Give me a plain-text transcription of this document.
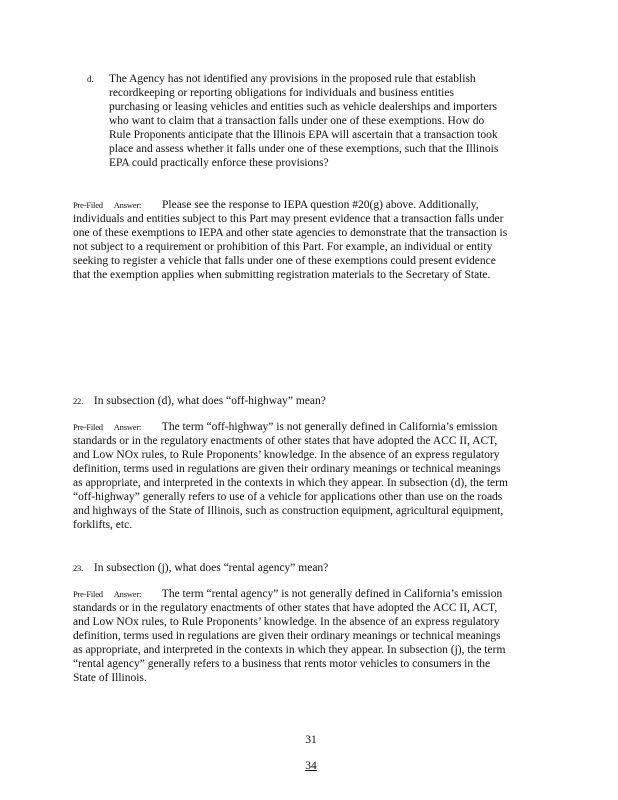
d. The Agency has not identified any provisions in the proposed rule that establish recordkeeping or reporting obligations for individuals and business entities purchasing or leasing vehicles and entities such as vehicle dealerships and importers who want to claim that a transaction falls under one of these exemptions. How do Rule Proponents anticipate that the Illinois EPA will ascertain that a transaction took place and assess whether it falls under one of these exemptions, such that the Illinois EPA could practically enforce these provisions?
Pre-Filed Answer: Please see the response to IEPA question #20(g) above. Additionally, individuals and entities subject to this Part may present evidence that a transaction falls under one of these exemptions to IEPA and other state agencies to demonstrate that the transaction is not subject to a requirement or prohibition of this Part. For example, an individual or entity seeking to register a vehicle that falls under one of these exemptions could present evidence that the exemption applies when submitting registration materials to the Secretary of State.
22. In subsection (d), what does “off-highway” mean?
Pre-Filed Answer: The term “off-highway” is not generally defined in California’s emission standards or in the regulatory enactments of other states that have adopted the ACC II, ACT, and Low NOx rules, to Rule Proponents’ knowledge. In the absence of an express regulatory definition, terms used in regulations are given their ordinary meanings or technical meanings as appropriate, and interpreted in the contexts in which they appear. In subsection (d), the term “off-highway” generally refers to use of a vehicle for applications other than use on the roads and highways of the State of Illinois, such as construction equipment, agricultural equipment, forklifts, etc.
23. In subsection (j), what does “rental agency” mean?
Pre-Filed Answer: The term “rental agency” is not generally defined in California’s emission standards or in the regulatory enactments of other states that have adopted the ACC II, ACT, and Low NOx rules, to Rule Proponents’ knowledge. In the absence of an express regulatory definition, terms used in regulations are given their ordinary meanings or technical meanings as appropriate, and interpreted in the contexts in which they appear. In subsection (j), the term “rental agency” generally refers to a business that rents motor vehicles to consumers in the State of Illinois.
31
34
